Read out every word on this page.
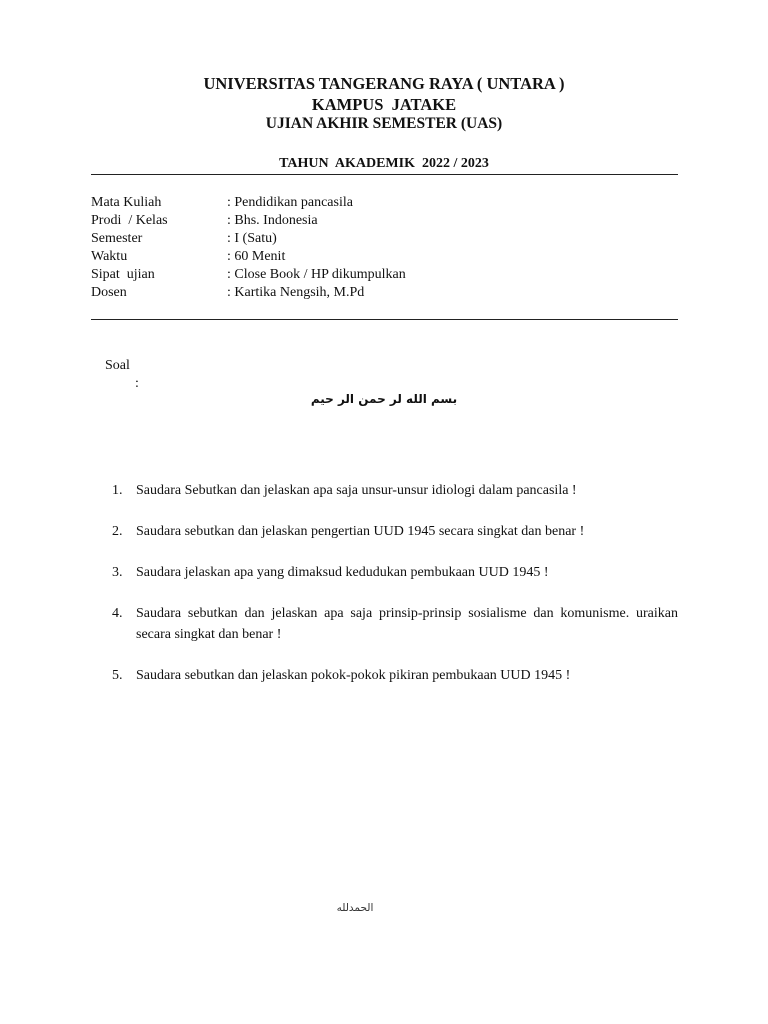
UNIVERSITAS TANGERANG RAYA ( UNTARA )
KAMPUS  JATAKE
UJIAN AKHIR SEMESTER (UAS)
TAHUN  AKADEMIK  2022 / 2023
Mata Kuliah	: Pendidikan pancasila
Prodi  / Kelas	: Bhs. Indonesia
Semester	: I (Satu)
Waktu	: 60 Menit
Sipat  ujian	: Close Book / HP dikumpulkan
Dosen	: Kartika Nengsih, M.Pd

Soal

:

بسم الله لر حمن الر حيم
1. Saudara Sebutkan dan jelaskan apa saja unsur-unsur idiologi dalam pancasila !
2. Saudara sebutkan dan jelaskan pengertian UUD 1945 secara singkat dan benar !
3. Saudara jelaskan apa yang dimaksud kedudukan pembukaan UUD 1945 !
4. Saudara sebutkan dan jelaskan apa saja prinsip-prinsip sosialisme dan komunisme. uraikan secara singkat dan benar !
5. Saudara sebutkan dan jelaskan pokok-pokok pikiran pembukaan UUD 1945 !
الحمدلله
